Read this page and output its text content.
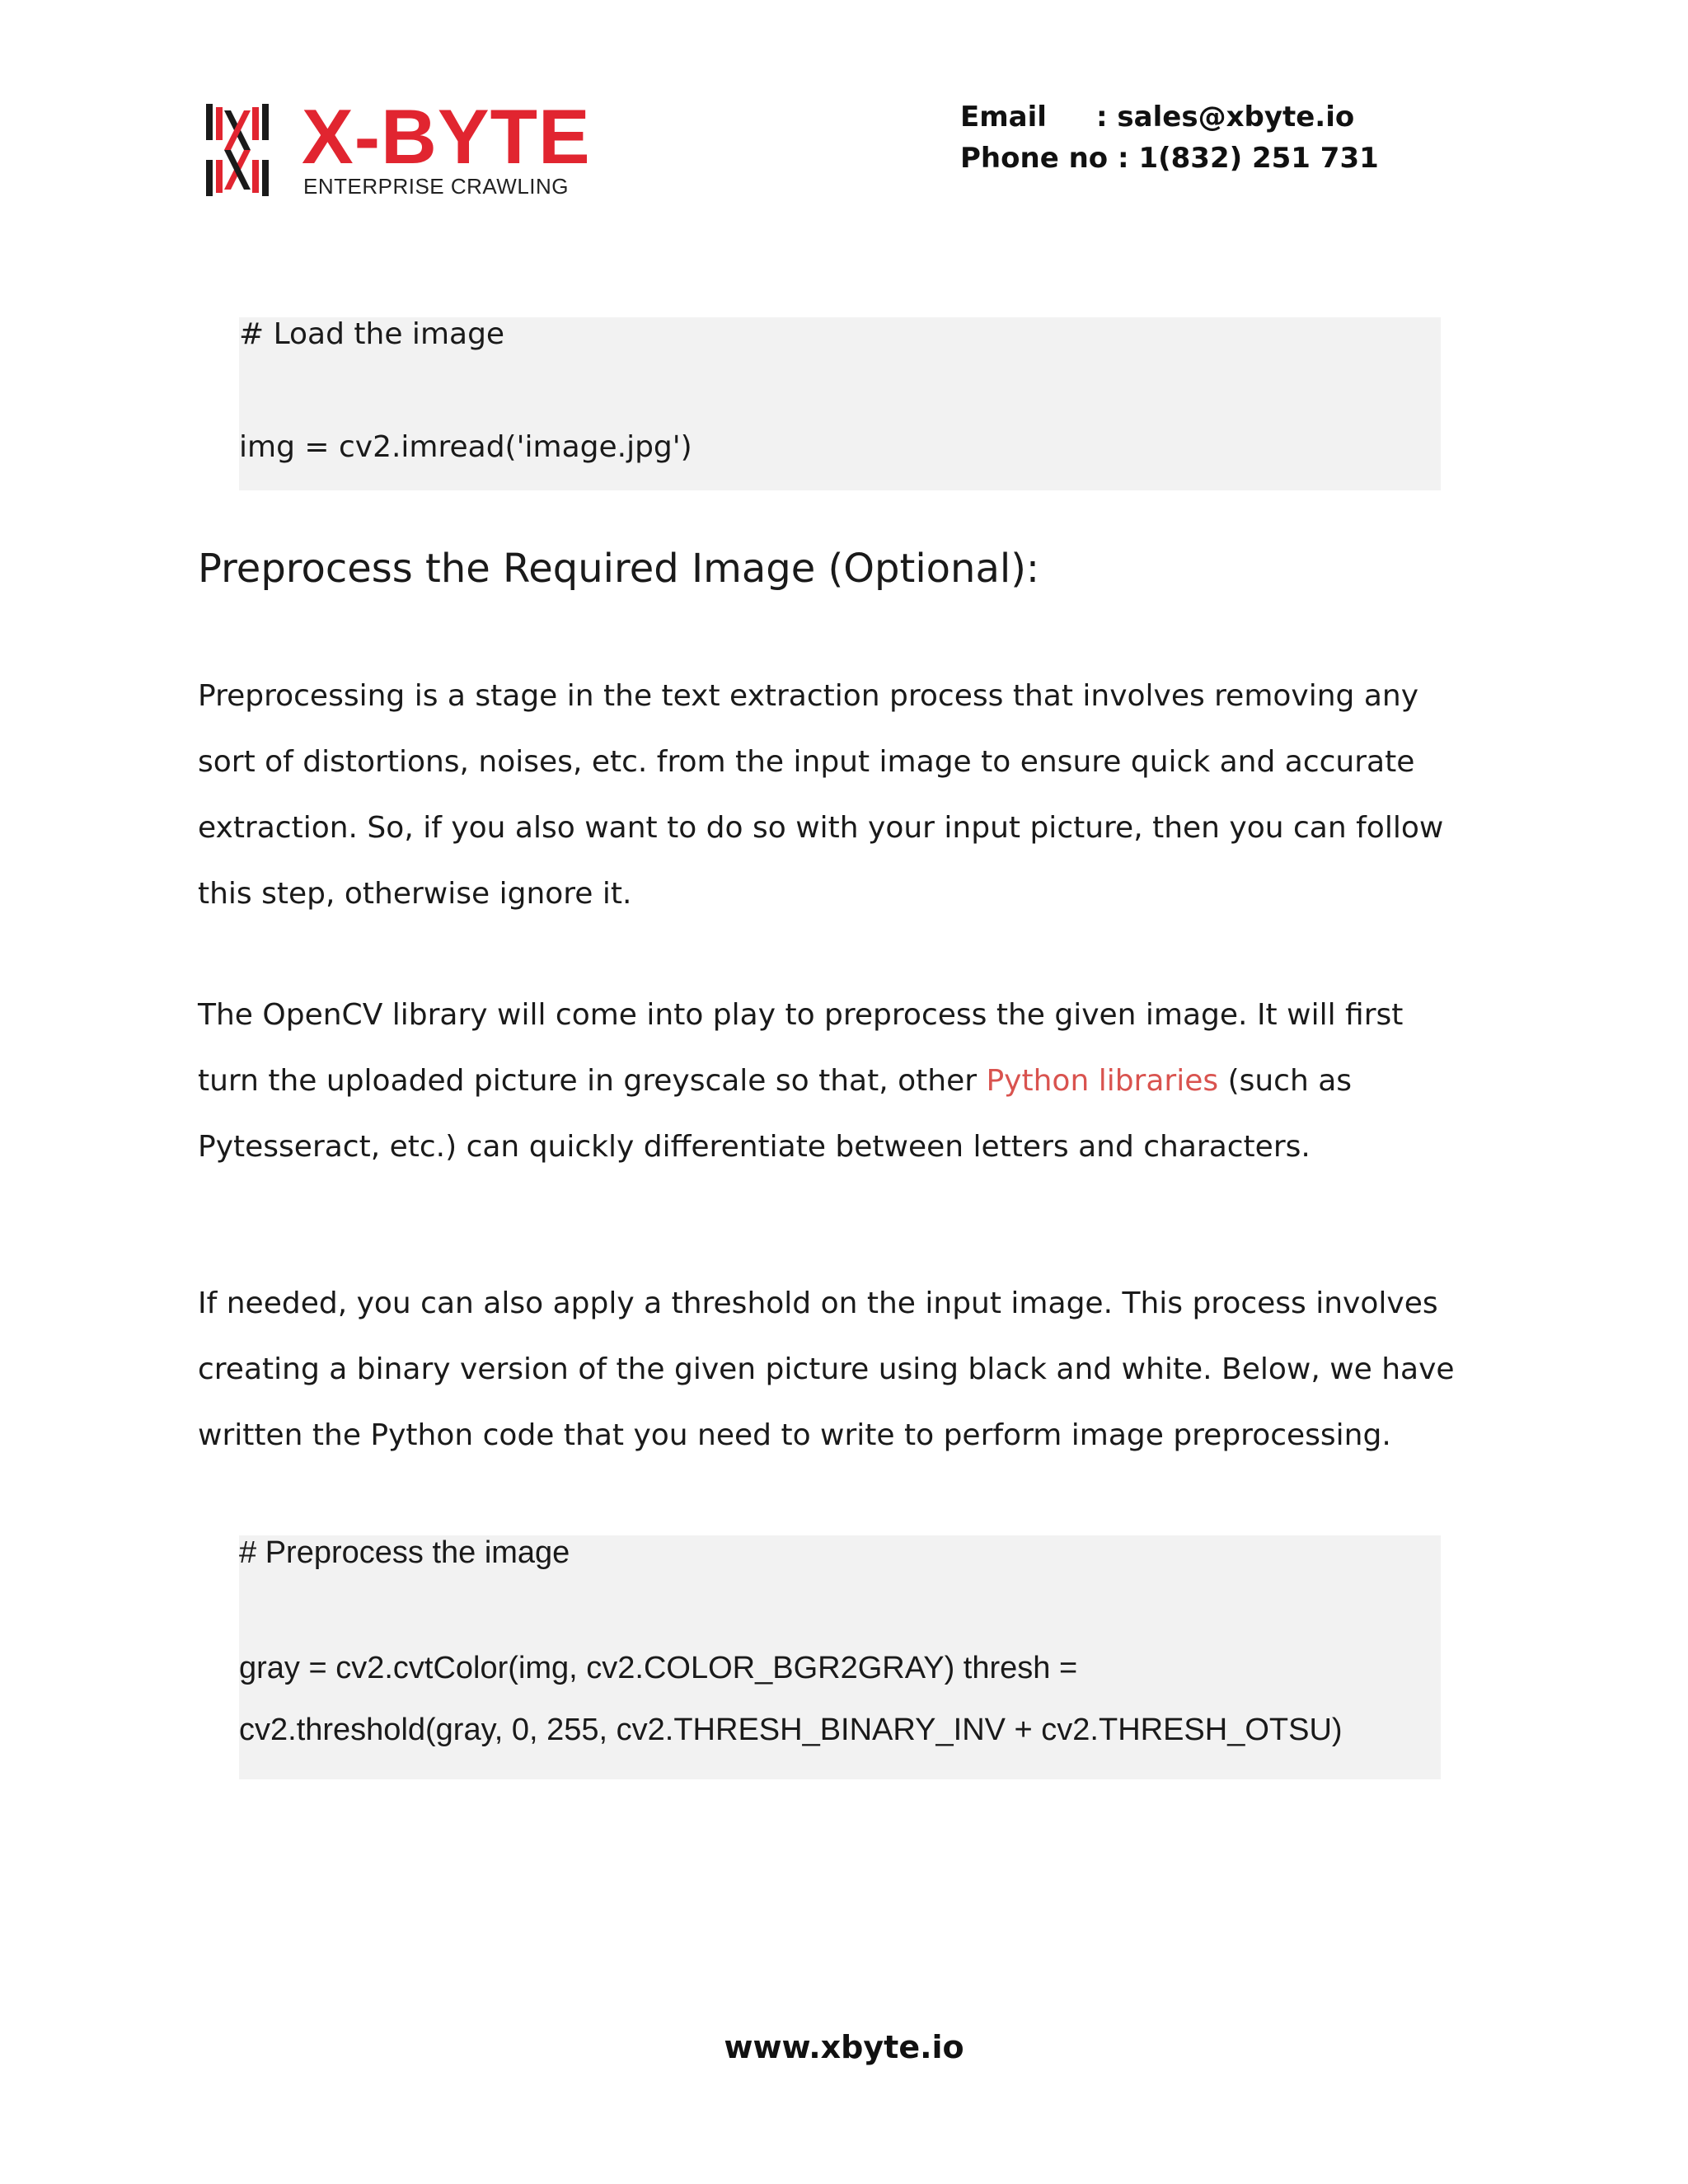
X-BYTE
ENTERPRISE CRAWLING
Email : sales@xbyte.io
Phone no : 1(832) 251 731
# Load the image
img = cv2.imread('image.jpg')
Preprocess the Required Image (Optional):
Preprocessing is a stage in the text extraction process that involves removing any
sort of distortions, noises, etc. from the input image to ensure quick and accurate
extraction. So, if you also want to do so with your input picture, then you can follow
this step, otherwise ignore it.
The OpenCV library will come into play to preprocess the given image. It will first
turn the uploaded picture in greyscale so that, other Python libraries (such as
Pytesseract, etc.) can quickly differentiate between letters and characters.
If needed, you can also apply a threshold on the input image. This process involves
creating a binary version of the given picture using black and white. Below, we have
written the Python code that you need to write to perform image preprocessing.
# Preprocess the image
gray = cv2.cvtColor(img, cv2.COLOR_BGR2GRAY) thresh =
cv2.threshold(gray, 0, 255, cv2.THRESH_BINARY_INV + cv2.THRESH_OTSU)
www.xbyte.io
